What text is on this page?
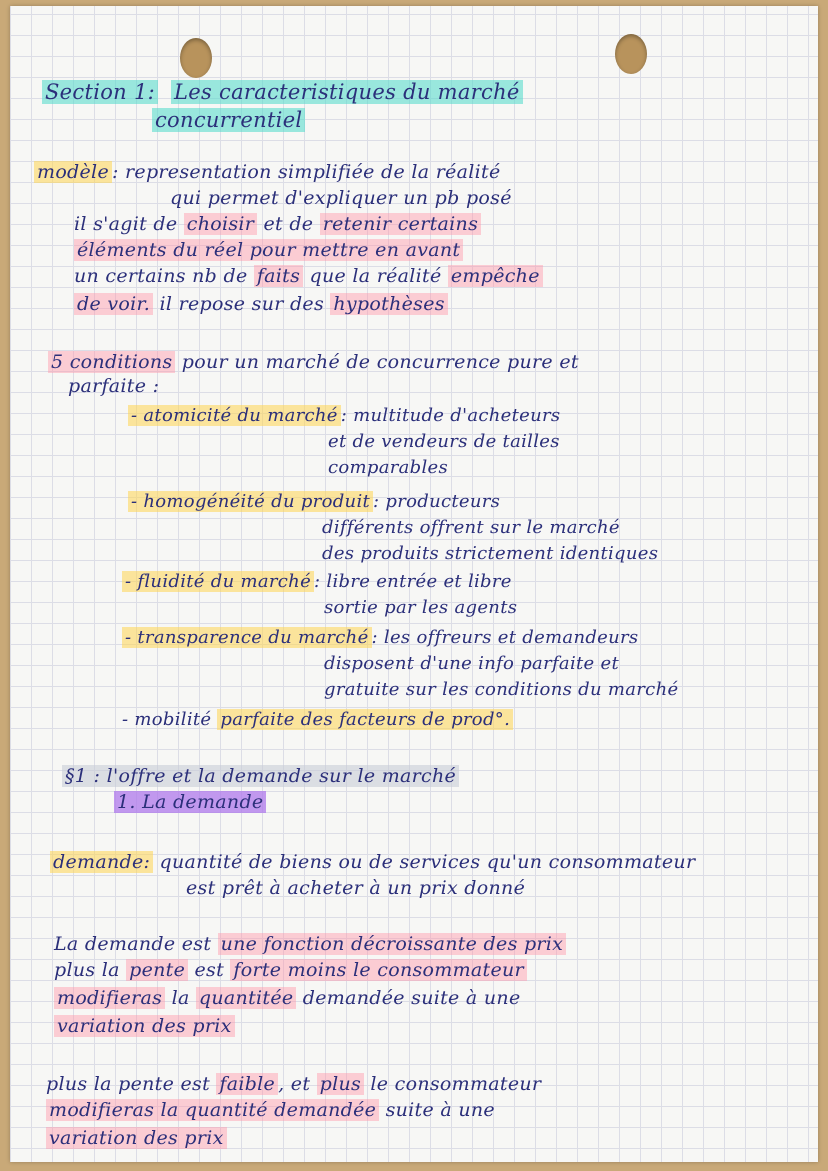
Section 1: Les caracteristiques du marché
concurrentiel
modèle : representation simplifiée de la réalité
qui permet d'expliquer un pb posé
il s'agit de choisir et de retenir certains
éléments du réel pour mettre en avant
un certains nb de faits que la réalité empêche
de voir. il repose sur des hypothèses
5 conditions pour un marché de concurrence pure et
parfaite :
- atomicité du marché : multitude d'acheteurs
et de vendeurs de tailles
comparables
- homogénéité du produit : producteurs
différents offrent sur le marché
des produits strictement identiques
- fluidité du marché : libre entrée et libre
sortie par les agents
- transparence du marché : les offreurs et demandeurs
disposent d'une info parfaite et
gratuite sur les conditions du marché
- mobilité parfaite des facteurs de prod°.
§1 : l'offre et la demande sur le marché
1. La demande
demande: quantité de biens ou de services qu'un consommateur
est prêt à acheter à un prix donné
La demande est une fonction décroissante des prix
plus la pente est forte moins le consommateur
modifieras la quantitée demandée suite à une
variation des prix
plus la pente est faible , et plus le consommateur
modifieras la quantité demandée suite à une
variation des prix
